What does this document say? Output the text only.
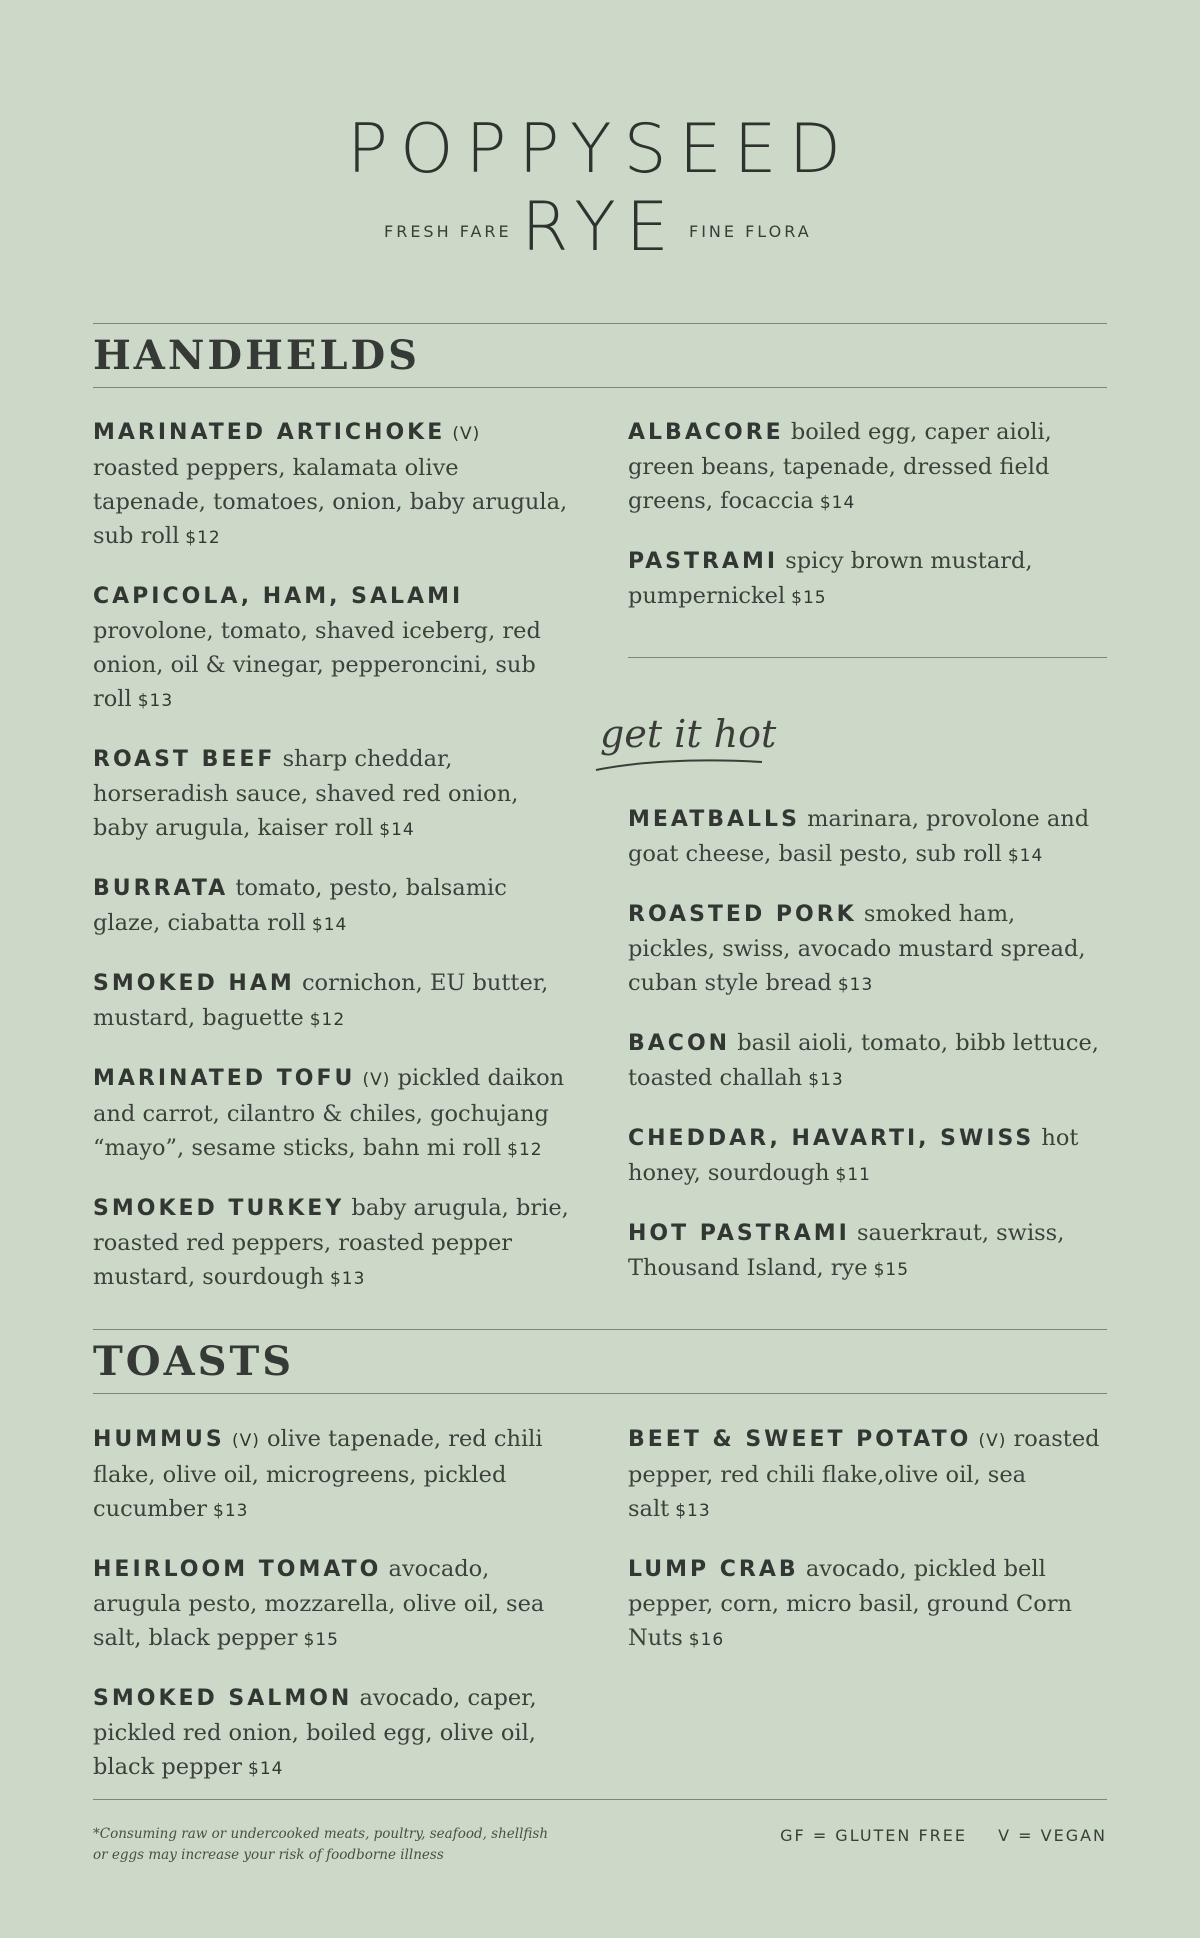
POPPYSEED
FRESH FARE RYE FINE FLORA
HANDHELDS
MARINATED ARTICHOKE (V) roasted peppers, kalamata olive tapenade, tomatoes, onion, baby arugula, sub roll $12
CAPICOLA, HAM, SALAMI provolone, tomato, shaved iceberg, red onion, oil & vinegar, pepperoncini, sub roll $13
ROAST BEEF sharp cheddar, horseradish sauce, shaved red onion, baby arugula, kaiser roll $14
BURRATA tomato, pesto, balsamic glaze, ciabatta roll $14
SMOKED HAM cornichon, EU butter, mustard, baguette $12
MARINATED TOFU (V) pickled daikon and carrot, cilantro & chiles, gochujang “mayo”, sesame sticks, bahn mi roll $12
SMOKED TURKEY baby arugula, brie, roasted red peppers, roasted pepper mustard, sourdough $13
ALBACORE boiled egg, caper aioli, green beans, tapenade, dressed field greens, focaccia $14
PASTRAMI spicy brown mustard, pumpernickel $15
get it hot
MEATBALLS marinara, provolone and goat cheese, basil pesto, sub roll $14
ROASTED PORK smoked ham, pickles, swiss, avocado mustard spread, cuban style bread $13
BACON basil aioli, tomato, bibb lettuce, toasted challah $13
CHEDDAR, HAVARTI, SWISS hot honey, sourdough $11
HOT PASTRAMI sauerkraut, swiss, Thousand Island, rye $15
TOASTS
HUMMUS (V) olive tapenade, red chili flake, olive oil, microgreens, pickled cucumber $13
HEIRLOOM TOMATO avocado, arugula pesto, mozzarella, olive oil, sea salt, black pepper $15
SMOKED SALMON avocado, caper, pickled red onion, boiled egg, olive oil, black pepper $14
BEET & SWEET POTATO (V) roasted pepper, red chili flake,olive oil, sea salt $13
LUMP CRAB avocado, pickled bell pepper, corn, micro basil, ground Corn Nuts $16
*Consuming raw or undercooked meats, poultry, seafood, shellfish
or eggs may increase your risk of foodborne illness
GF = GLUTEN FREE V = VEGAN
